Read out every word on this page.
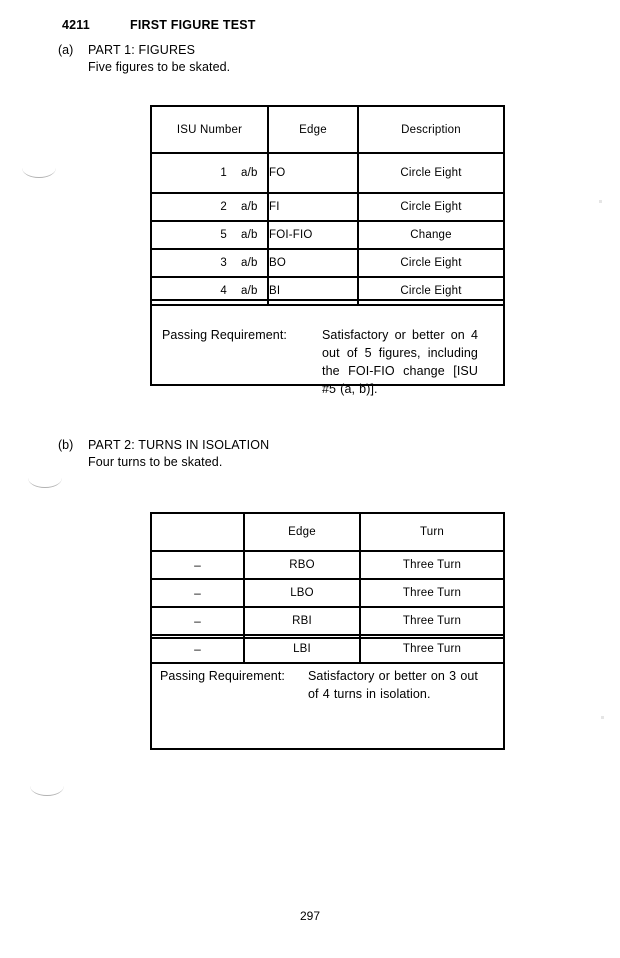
4211	FIRST FIGURE TEST
(a)	PART 1: FIGURES
Five figures to be skated.
ISU Number	Edge	Description
1 a/b	FO	Circle Eight
2 a/b	FI	Circle Eight
5 a/b	FOI-FIO	Change
3 a/b	BO	Circle Eight
4 a/b	BI	Circle Eight
Passing Requirement:	Satisfactory or better on 4 out of 5 figures, including the FOI-FIO change [ISU #5 (a, b)].
(b)	PART 2: TURNS IN ISOLATION
Four turns to be skated.
	Edge	Turn
–	RBO	Three Turn
–	LBO	Three Turn
–	RBI	Three Turn
–	LBI	Three Turn
Passing Requirement:	Satisfactory or better on 3 out of 4 turns in isolation.
297
